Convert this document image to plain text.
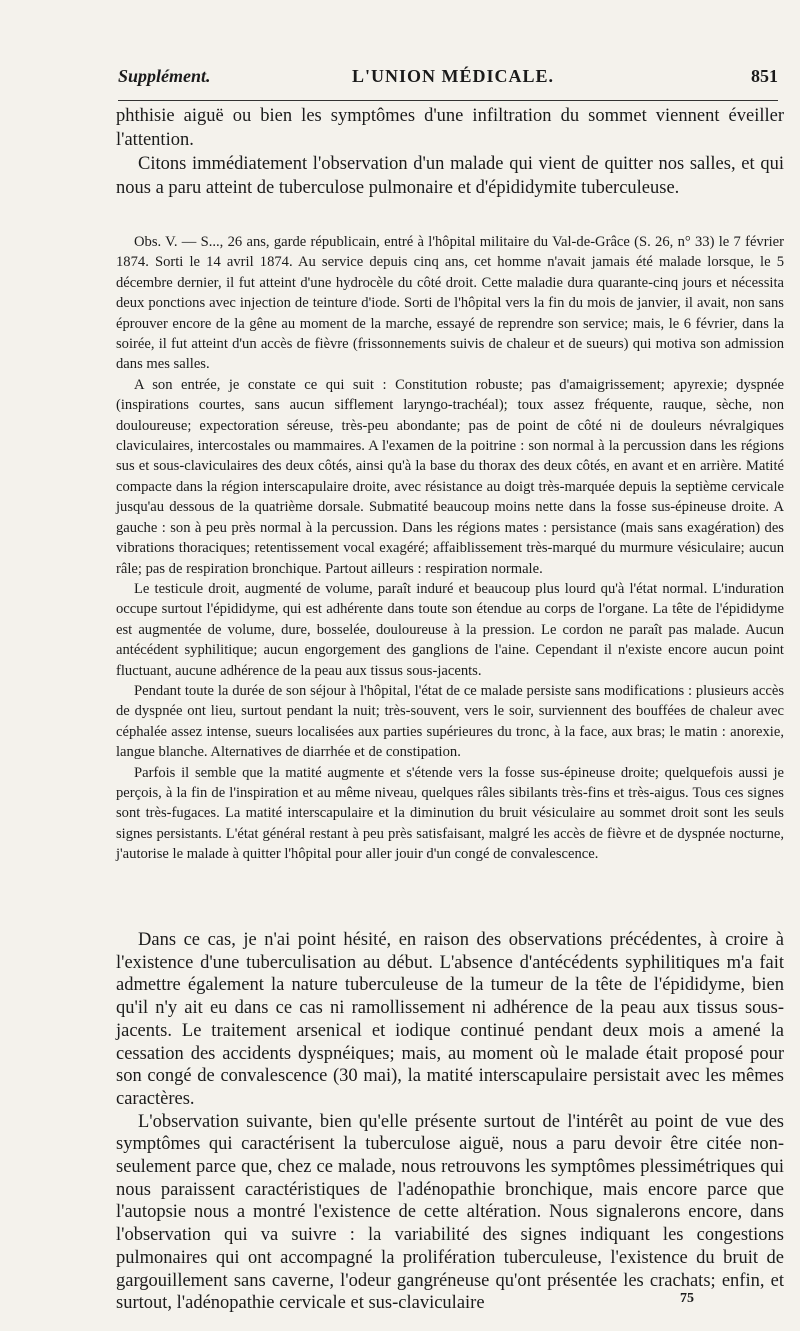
Supplément.	L'UNION MÉDICALE.	851

phthisie aiguë ou bien les symptômes d'une infiltration du sommet viennent éveiller l'attention.

Citons immédiatement l'observation d'un malade qui vient de quitter nos salles, et qui nous a paru atteint de tuberculose pulmonaire et d'épididymite tuberculeuse.

Obs. V. — S..., 26 ans, garde républicain, entré à l'hôpital militaire du Val-de-Grâce (S. 26, n° 33) le 7 février 1874. Sorti le 14 avril 1874. Au service depuis cinq ans, cet homme n'avait jamais été malade lorsque, le 5 décembre dernier, il fut atteint d'une hydrocèle du côté droit. Cette maladie dura quarante-cinq jours et nécessita deux ponctions avec injection de teinture d'iode. Sorti de l'hôpital vers la fin du mois de janvier, il avait, non sans éprouver encore de la gêne au moment de la marche, essayé de reprendre son service; mais, le 6 février, dans la soirée, il fut atteint d'un accès de fièvre (frissonnements suivis de chaleur et de sueurs) qui motiva son admission dans mes salles.

A son entrée, je constate ce qui suit : Constitution robuste; pas d'amaigrissement; apyrexie; dyspnée (inspirations courtes, sans aucun sifflement laryngo-trachéal); toux assez fréquente, rauque, sèche, non douloureuse; expectoration séreuse, très-peu abondante; pas de point de côté ni de douleurs névralgiques claviculaires, intercostales ou mammaires. A l'examen de la poitrine : son normal à la percussion dans les régions sus et sous-claviculaires des deux côtés, ainsi qu'à la base du thorax des deux côtés, en avant et en arrière. Matité compacte dans la région interscapulaire droite, avec résistance au doigt très-marquée depuis la septième cervicale jusqu'au dessous de la quatrième dorsale. Submatité beaucoup moins nette dans la fosse sus-épineuse droite. A gauche : son à peu près normal à la percussion. Dans les régions mates : persistance (mais sans exagération) des vibrations thoraciques; retentissement vocal exagéré; affaiblissement très-marqué du murmure vésiculaire; aucun râle; pas de respiration bronchique. Partout ailleurs : respiration normale.

Le testicule droit, augmenté de volume, paraît induré et beaucoup plus lourd qu'à l'état normal. L'induration occupe surtout l'épididyme, qui est adhérente dans toute son étendue au corps de l'organe. La tête de l'épididyme est augmentée de volume, dure, bosselée, douloureuse à la pression. Le cordon ne paraît pas malade. Aucun antécédent syphilitique; aucun engorgement des ganglions de l'aine. Cependant il n'existe encore aucun point fluctuant, aucune adhérence de la peau aux tissus sous-jacents.

Pendant toute la durée de son séjour à l'hôpital, l'état de ce malade persiste sans modifications : plusieurs accès de dyspnée ont lieu, surtout pendant la nuit; très-souvent, vers le soir, surviennent des bouffées de chaleur avec céphalée assez intense, sueurs localisées aux parties supérieures du tronc, à la face, aux bras; le matin : anorexie, langue blanche. Alternatives de diarrhée et de constipation.

Parfois il semble que la matité augmente et s'étende vers la fosse sus-épineuse droite; quelquefois aussi je perçois, à la fin de l'inspiration et au même niveau, quelques râles sibilants très-fins et très-aigus. Tous ces signes sont très-fugaces. La matité interscapulaire et la diminution du bruit vésiculaire au sommet droit sont les seuls signes persistants. L'état général restant à peu près satisfaisant, malgré les accès de fièvre et de dyspnée nocturne, j'autorise le malade à quitter l'hôpital pour aller jouir d'un congé de convalescence.

Dans ce cas, je n'ai point hésité, en raison des observations précédentes, à croire à l'existence d'une tuberculisation au début. L'absence d'antécédents syphilitiques m'a fait admettre également la nature tuberculeuse de la tumeur de la tête de l'épididyme, bien qu'il n'y ait eu dans ce cas ni ramollissement ni adhérence de la peau aux tissus sous-jacents. Le traitement arsenical et iodique continué pendant deux mois a amené la cessation des accidents dyspnéiques; mais, au moment où le malade était proposé pour son congé de convalescence (30 mai), la matité interscapulaire persistait avec les mêmes caractères.

L'observation suivante, bien qu'elle présente surtout de l'intérêt au point de vue des symptômes qui caractérisent la tuberculose aiguë, nous a paru devoir être citée non-seulement parce que, chez ce malade, nous retrouvons les symptômes plessimétriques qui nous paraissent caractéristiques de l'adénopathie bronchique, mais encore parce que l'autopsie nous a montré l'existence de cette altération. Nous signalerons encore, dans l'observation qui va suivre : la variabilité des signes indiquant les congestions pulmonaires qui ont accompagné la prolifération tuberculeuse, l'existence du bruit de gargouillement sans caverne, l'odeur gangréneuse qu'ont présentée les crachats; enfin, et surtout, l'adénopathie cervicale et sus-claviculaire	75
